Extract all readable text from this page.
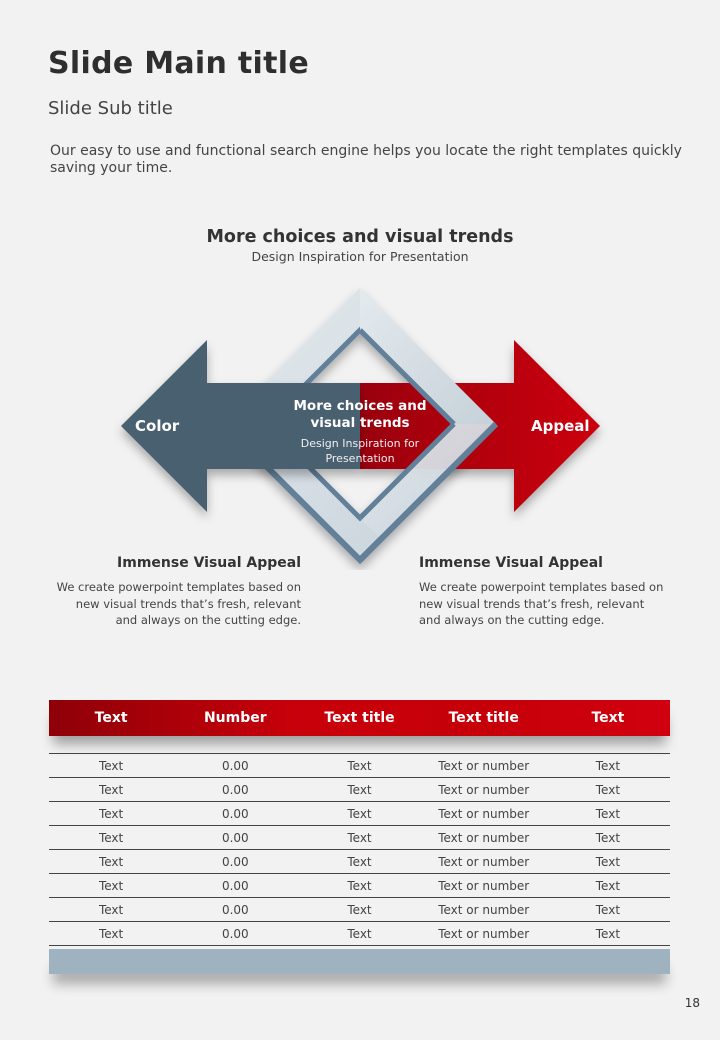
Slide Main title
Slide Sub title
Our easy to use and functional search engine helps you locate the right templates quickly saving your time.
More choices and visual trends
Design Inspiration for Presentation
Color	Appeal
More choices and visual trends
Design Inspiration for Presentation
Immense Visual Appeal
We create powerpoint templates based on new visual trends that’s fresh, relevant and always on the cutting edge.
Immense Visual Appeal
We create powerpoint templates based on new visual trends that’s fresh, relevant and always on the cutting edge.
Text	Number	Text title	Text title	Text
Text	0.00	Text	Text or number	Text
Text	0.00	Text	Text or number	Text
Text	0.00	Text	Text or number	Text
Text	0.00	Text	Text or number	Text
Text	0.00	Text	Text or number	Text
Text	0.00	Text	Text or number	Text
Text	0.00	Text	Text or number	Text
Text	0.00	Text	Text or number	Text
18
